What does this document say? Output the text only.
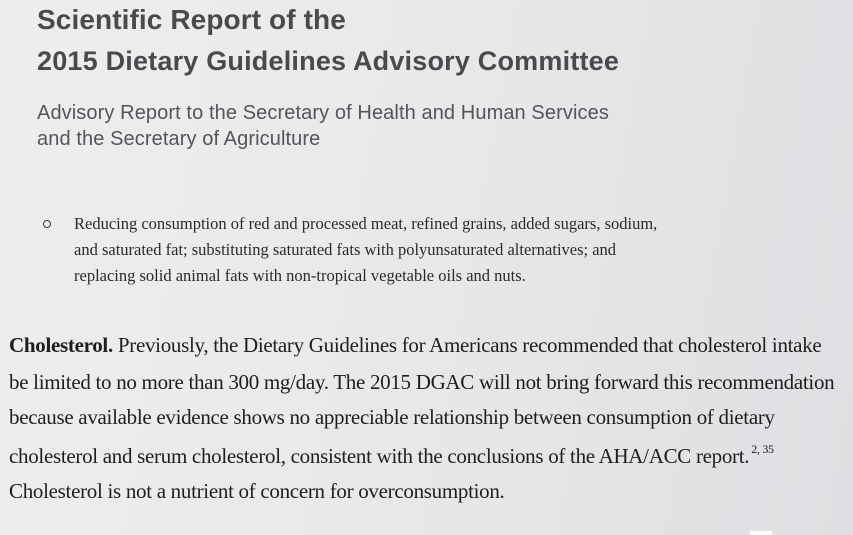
Scientific Report of the
2015 Dietary Guidelines Advisory Committee
Advisory Report to the Secretary of Health and Human Services
and the Secretary of Agriculture
Reducing consumption of red and processed meat, refined grains, added sugars, sodium,
and saturated fat; substituting saturated fats with polyunsaturated alternatives; and
replacing solid animal fats with non-tropical vegetable oils and nuts.
Cholesterol. Previously, the Dietary Guidelines for Americans recommended that cholesterol intake
be limited to no more than 300 mg/day. The 2015 DGAC will not bring forward this recommendation
because available evidence shows no appreciable relationship between consumption of dietary
cholesterol and serum cholesterol, consistent with the conclusions of the AHA/ACC report. $^{2, 35}$
Cholesterol is not a nutrient of concern for overconsumption.
